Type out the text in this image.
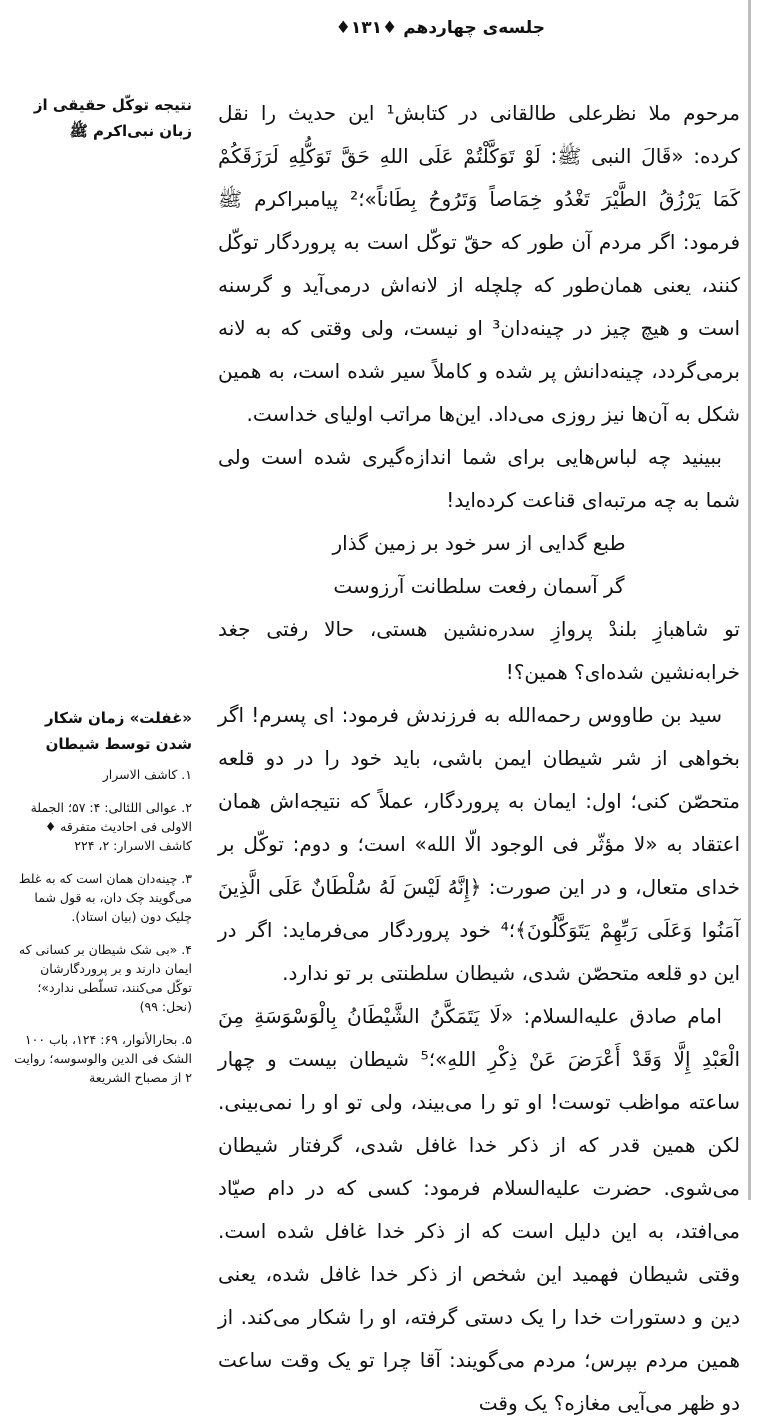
جلسه‌ی چهاردهم ♦۱۳۱♦
نتیجه توکّل حقیقی از زبان نبی‌اکرم ﷺ
«غفلت» زمان شکار شدن توسط شیطان

۱. کاشف الاسرار

۲. عوالی اللئالی: ۴: ۵۷؛ الجملة الاولی فی احادیث متفرقه ♦ کاشف الاسرار: ۲، ۲۲۴

۳. چینه‌دان همان است که به غلط می‌گویند چک دان، به قول شما چلیک دون (بیان استاد).

۴. «بی‌ شک شیطان بر کسانی که ایمان دارند و بر پروردگارشان توکّل می‌کنند، تسلّطی ندارد»؛ (نحل: ۹۹)

۵. بحارالأنوار، ۶۹: ۱۲۴، باب ۱۰۰ الشک فی الدین والوسوسه؛ روایت ۲ از مصباح الشریعة

مرحوم ملا نظرعلی طالقانی در کتابش¹ این حدیث را نقل کرده: «قَالَ النبی ﷺ: لَوْ تَوَکَّلْتُمْ عَلَی اللهِ حَقَّ تَوَکُّلِهِ لَرَزَقَکُمْ کَمَا یَرْزُقُ الطَّیْرَ تَغْدُو خِمَاصاً وَتَرُوحُ بِطَاناً»؛² پیامبراکرم ﷺ فرمود: اگر مردم آن طور که حقّ توکّل است به پروردگار توکّل کنند، یعنی همان‌طور که چلچله از لانه‌اش درمی‌آید و گرسنه است و هیچ چیز در چینه‌دان³ او نیست، ولی وقتی که به لانه برمی‌گردد، چینه‌دانش پر شده و کاملاً سیر شده است، به همین شکل به آن‌ها نیز روزی می‌داد. این‌ها مراتب اولیای خداست.

ببینید چه لباس‌هایی برای شما اندازه‌گیری شده است ولی شما به چه مرتبه‌ای قناعت کرده‌اید!

طبع گدایی از سر خود بر زمین گذار
گر آسمان رفعت سلطانت آرزوست

تو شاهبازِ بلندْ پروازِ سدره‌نشین هستی، حالا رفتی جغد خرابه‌نشین شده‌ای؟ همین؟!

سید بن طاووس رحمه‌الله به فرزندش فرمود: ای پسرم! اگر بخواهی از شر شیطان ایمن باشی، باید خود را در دو قلعه متحصّن کنی؛ اول: ایمان به پروردگار، عملاً که نتیجه‌اش همان اعتقاد به «لا مؤثّر فی الوجود الّا الله» است؛ و دوم: توکّل بر خدای متعال، و در این صورت: ﴿إِنَّهُ لَیْسَ لَهُ سُلْطَانٌ عَلَی الَّذِینَ آمَنُوا وَعَلَی رَبِّهِمْ یَتَوَکَّلُونَ﴾؛⁴ خود پروردگار می‌فرماید: اگر در این دو قلعه متحصّن شدی، شیطان سلطنتی بر تو ندارد.

امام صادق علیه‌السلام: «لَا یَتَمَکَّنُ الشَّیْطَانُ بِالْوَسْوَسَةِ مِنَ الْعَبْدِ إِلَّا وَقَدْ أَعْرَضَ عَنْ ذِکْرِ اللهِ»؛⁵ شیطان بیست و چهار ساعته مواظب توست! او تو را می‌بیند، ولی تو او را نمی‌بینی. لکن همین قدر که از ذکر خدا غافل شدی، گرفتار شیطان می‌شوی. حضرت علیه‌السلام فرمود: کسی که در دام صیّاد می‌افتد، به این دلیل است که از ذکر خدا غافل شده است. وقتی شیطان فهمید این شخص از ذکر خدا غافل شده، یعنی دین و دستورات خدا را یک دستی گرفته، او را شکار می‌کند. از همین مردم بپرس؛ مردم می‌گویند: آقا چرا تو یک وقت ساعت دو ظهر می‌آیی مغازه؟ یک وقت
